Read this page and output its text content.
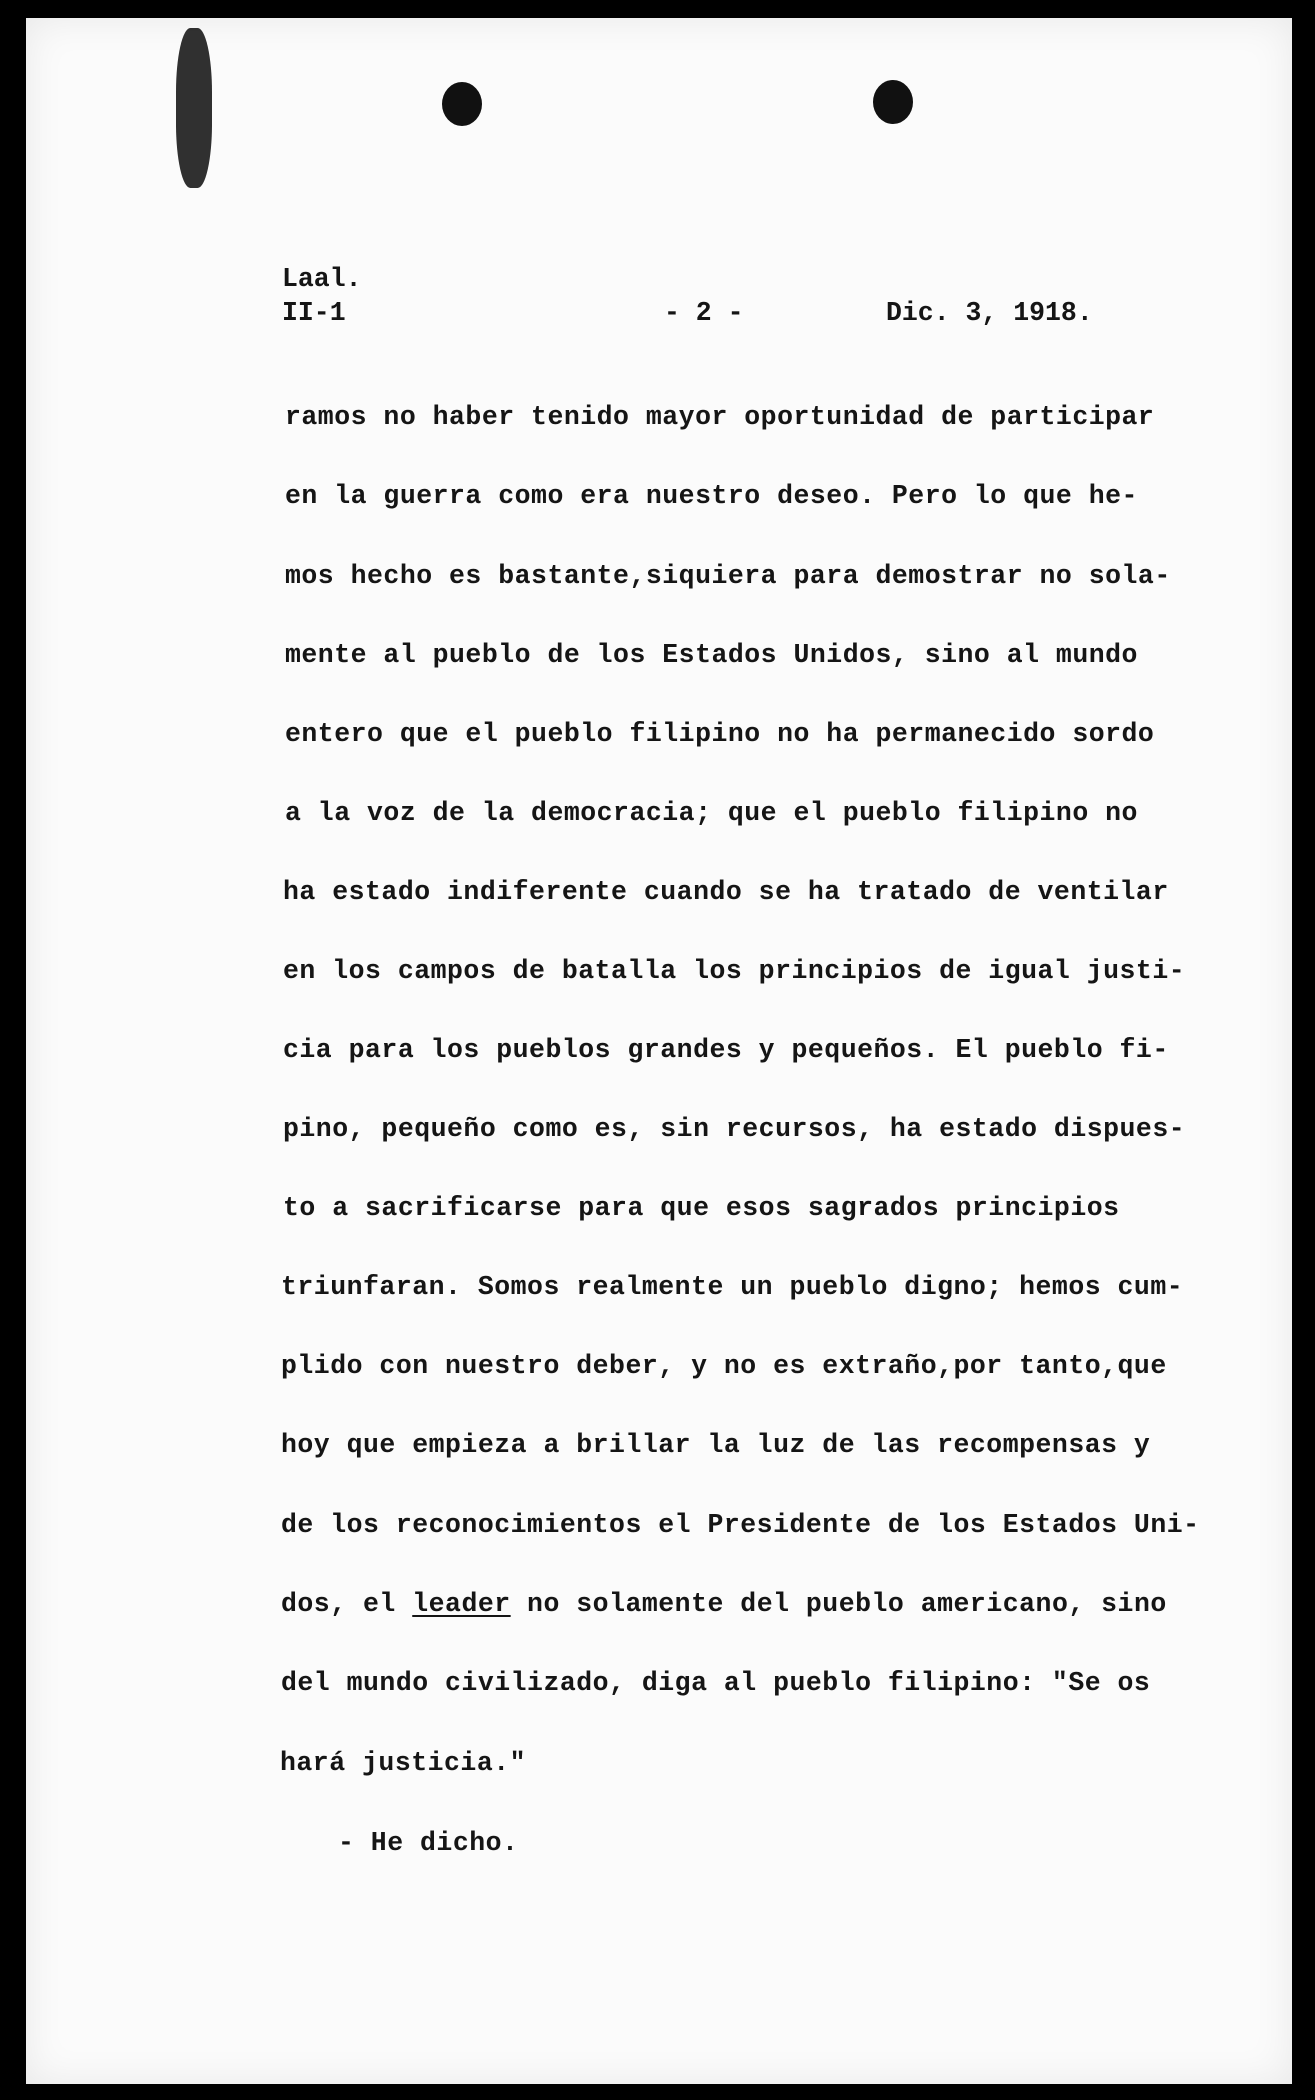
Laal.

II-1	- 2 -	Dic. 3, 1918.

ramos no haber tenido mayor oportunidad de participar

en la guerra como era nuestro deseo. Pero lo que he-

mos hecho es bastante,siquiera para demostrar no sola-

mente al pueblo de los Estados Unidos, sino al mundo

entero que el pueblo filipino no ha permanecido sordo

a la voz de la democracia; que el pueblo filipino no

ha estado indiferente cuando se ha tratado de ventilar

en los campos de batalla los principios de igual justi-

cia para los pueblos grandes y pequeños. El pueblo fi-

pino, pequeño como es, sin recursos, ha estado dispues-

to a sacrificarse para que esos sagrados principios

triunfaran. Somos realmente un pueblo digno; hemos cum-

plido con nuestro deber, y no es extraño,por tanto,que

hoy que empieza a brillar la luz de las recompensas y

de los reconocimientos el Presidente de los Estados Uni-

dos, el leader no solamente del pueblo americano, sino

del mundo civilizado, diga al pueblo filipino: "Se os

hará justicia."

- He dicho.
